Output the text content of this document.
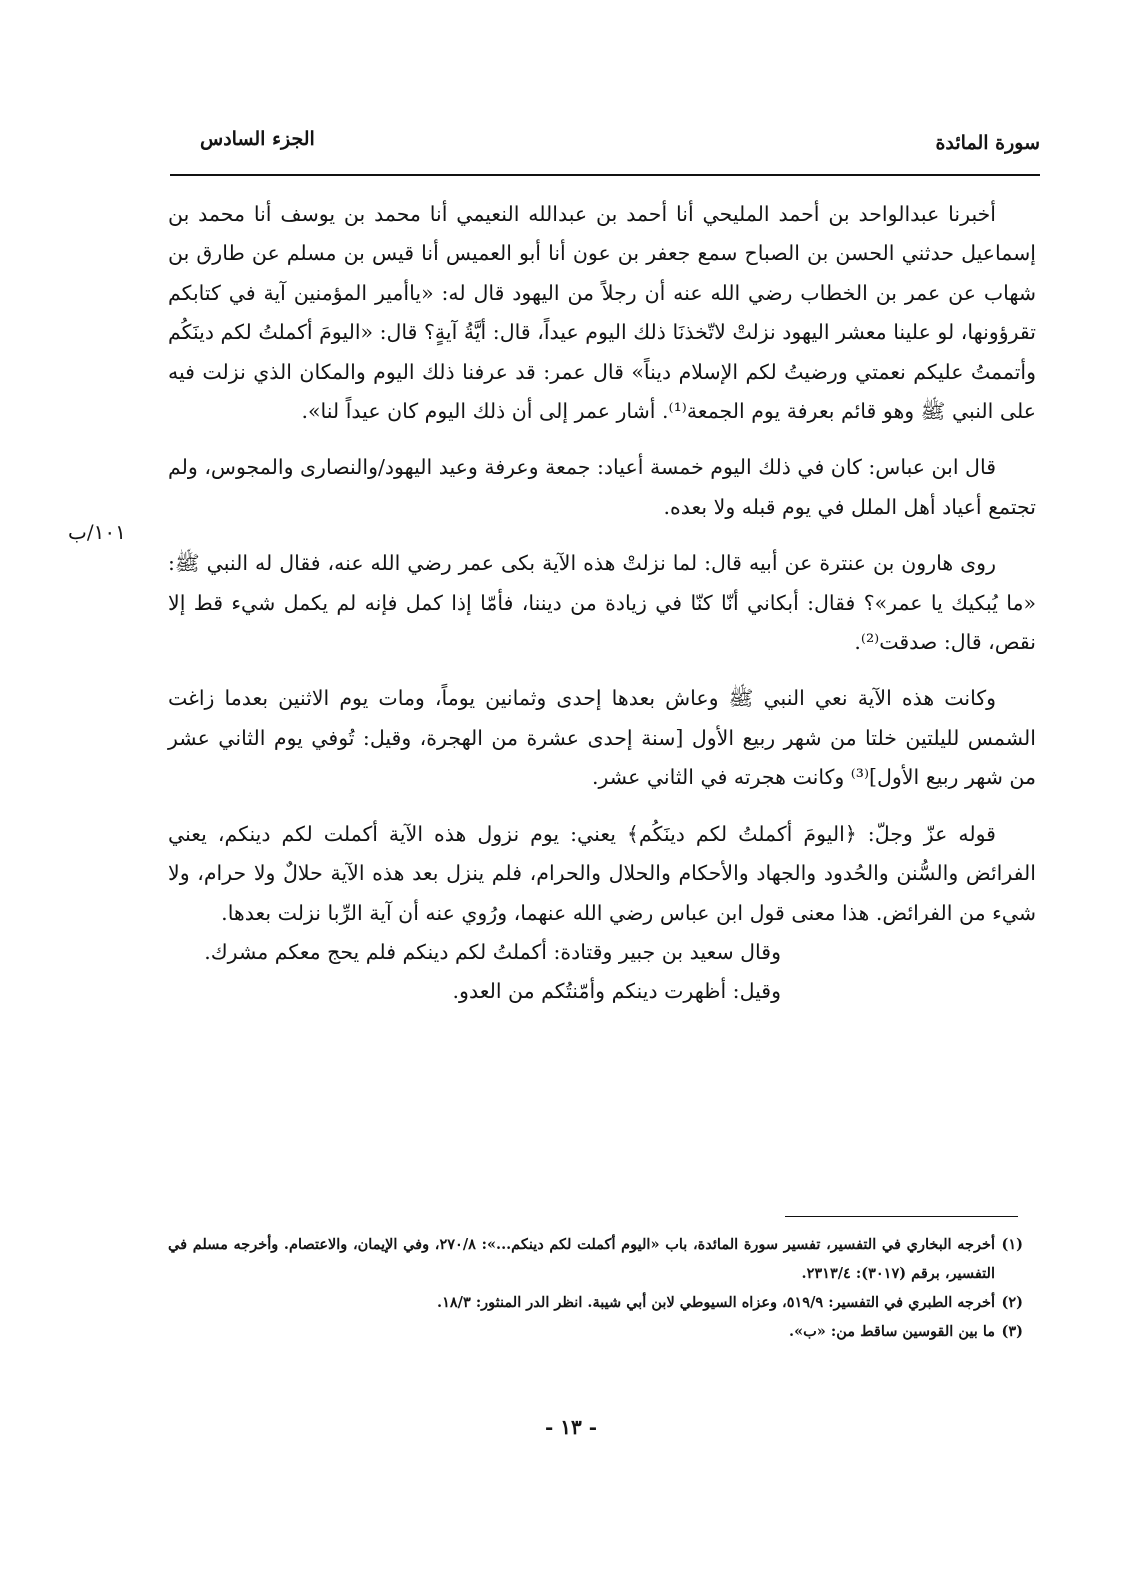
سورة المائدة
الجزء السادس

أخبرنا عبدالواحد بن أحمد المليحي أنا أحمد بن عبدالله النعيمي أنا محمد بن يوسف أنا محمد بن إسماعيل حدثني الحسن بن الصباح سمع جعفر بن عون أنا أبو العميس أنا قيس بن مسلم عن طارق بن شهاب عن عمر بن الخطاب رضي الله عنه أن رجلاً من اليهود قال له: «ياأمير المؤمنين آية في كتابكم تقرؤونها، لو علينا معشر اليهود نزلتْ لاتّخذنَا ذلك اليوم عيداً، قال: أيَّةُ آيةٍ؟ قال: «اليومَ أكملتُ لكم دينَكُم وأتممتُ عليكم نعمتي ورضيتُ لكم الإسلام ديناً» قال عمر: قد عرفنا ذلك اليوم والمكان الذي نزلت فيه على النبي ﷺ وهو قائم بعرفة يوم الجمعة⁽¹⁾. أشار عمر إلى أن ذلك اليوم كان عيداً لنا».

قال ابن عباس: كان في ذلك اليوم خمسة أعياد: جمعة وعرفة وعيد اليهود/والنصارى والمجوس، ولم تجتمع أعياد أهل الملل في يوم قبله ولا بعده.

روى هارون بن عنترة عن أبيه قال: لما نزلتْ هذه الآية بكى عمر رضي الله عنه، فقال له النبي ﷺ: «ما يُبكيك يا عمر»؟ فقال: أبكاني أنّا كنّا في زيادة من ديننا، فأمّا إذا كمل فإنه لم يكمل شيء قط إلا نقص، قال: صدقت⁽²⁾.

وكانت هذه الآية نعي النبي ﷺ وعاش بعدها إحدى وثمانين يوماً، ومات يوم الاثنين بعدما زاغت الشمس لليلتين خلتا من شهر ربيع الأول [سنة إحدى عشرة من الهجرة، وقيل: تُوفي يوم الثاني عشر من شهر ربيع الأول]⁽³⁾ وكانت هجرته في الثاني عشر.

قوله عزّ وجلّ: ﴿اليومَ أكملتُ لكم دينَكُم﴾ يعني: يوم نزول هذه الآية أكملت لكم دينكم، يعني الفرائض والسُّنن والحُدود والجهاد والأحكام والحلال والحرام، فلم ينزل بعد هذه الآية حلالٌ ولا حرام، ولا شيء من الفرائض. هذا معنى قول ابن عباس رضي الله عنهما، ورُوي عنه أن آية الرِّبا نزلت بعدها.

وقال سعيد بن جبير وقتادة: أكملتُ لكم دينكم فلم يحج معكم مشرك.

وقيل: أظهرت دينكم وأمّنتُكم من العدو.

١٠١/ب
(١)
أخرجه البخاري في التفسير، تفسير سورة المائدة، باب «اليوم أكملت لكم دينكم...»: ٢٧٠/٨، وفي الإيمان، والاعتصام. وأخرجه مسلم في التفسير، برقم (٣٠١٧): ٢٣١٣/٤.
(٢)
أخرجه الطبري في التفسير: ٥١٩/٩، وعزاه السيوطي لابن أبي شيبة. انظر الدر المنثور: ١٨/٣.
(٣)
ما بين القوسين ساقط من: «ب».
- ١٣ -
